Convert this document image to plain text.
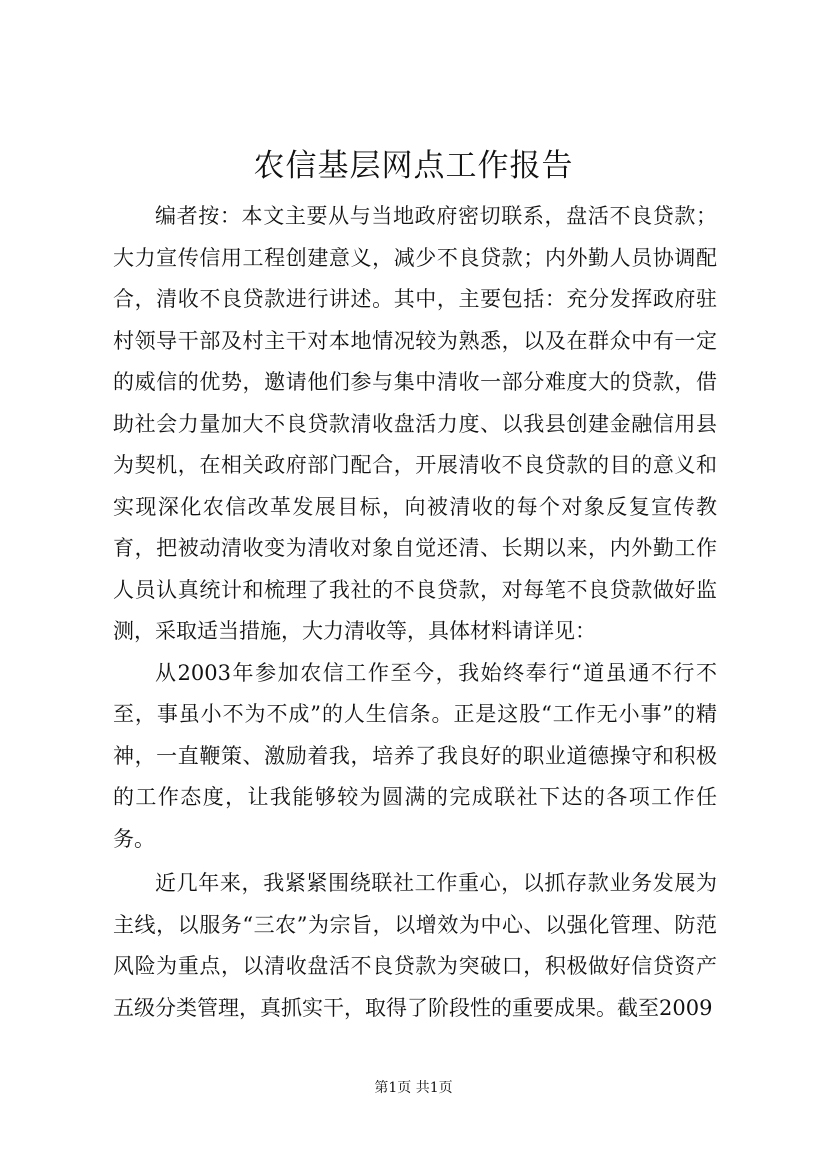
农信基层网点工作报告

编者按：本文主要从与当地政府密切联系，盘活不良贷款；大力宣传信用工程创建意义，减少不良贷款；内外勤人员协调配合，清收不良贷款进行讲述。其中，主要包括：充分发挥政府驻村领导干部及村主干对本地情况较为熟悉，以及在群众中有一定的威信的优势，邀请他们参与集中清收一部分难度大的贷款，借助社会力量加大不良贷款清收盘活力度、以我县创建金融信用县为契机，在相关政府部门配合，开展清收不良贷款的目的意义和实现深化农信改革发展目标，向被清收的每个对象反复宣传教育，把被动清收变为清收对象自觉还清、长期以来，内外勤工作人员认真统计和梳理了我社的不良贷款，对每笔不良贷款做好监测，采取适当措施，大力清收等，具体材料请详见：

从2003年参加农信工作至今，我始终奉行“道虽通不行不至，事虽小不为不成”的人生信条。正是这股“工作无小事”的精神，一直鞭策、激励着我，培养了我良好的职业道德操守和积极的工作态度，让我能够较为圆满的完成联社下达的各项工作任务。

近几年来，我紧紧围绕联社工作重心，以抓存款业务发展为主线，以服务“三农”为宗旨，以增效为中心、以强化管理、防范风险为重点，以清收盘活不良贷款为突破口，积极做好信贷资产五级分类管理，真抓实干，取得了阶段性的重要成果。截至2009

第1页 共1页
